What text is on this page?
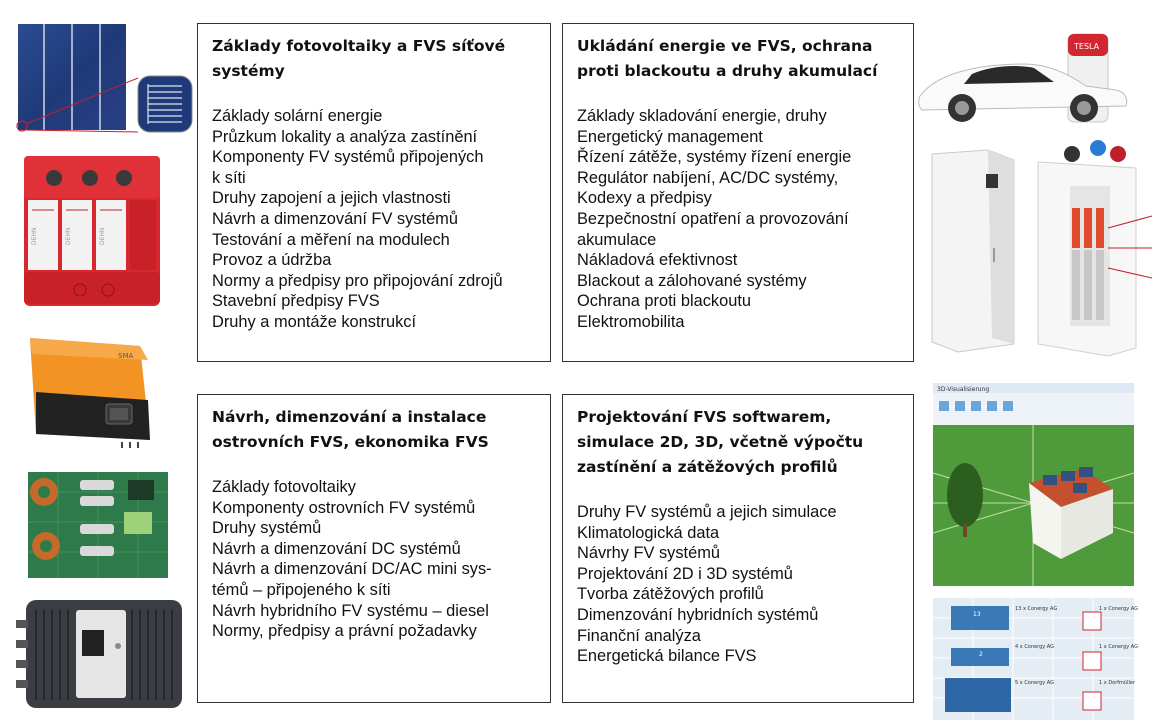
Základy fotovoltaiky a FVS síťové systémy
Základy solární energie
Průzkum lokality a analýza zastínění
Komponenty FV systémů připojených
k síti
Druhy zapojení a jejich vlastnosti
Návrh a dimenzování FV systémů
Testování a měření na modulech
Provoz a údržba
Normy a předpisy pro připojování zdrojů
Stavební předpisy FVS
Druhy a montáže konstrukcí
Ukládání energie ve FVS, ochrana proti blackoutu a druhy akumulací
Základy skladování energie, druhy
Energetický management
Řízení zátěže, systémy řízení energie
Regulátor nabíjení, AC/DC systémy,
Kodexy a předpisy
Bezpečnostní opatření a provozování
akumulace
Nákladová efektivnost
Blackout a zálohované systémy
Ochrana proti blackoutu
Elektromobilita
Návrh, dimenzování a instalace ostrovních FVS, ekonomika FVS
Základy fotovoltaiky
Komponenty ostrovních FV systémů
Druhy systémů
Návrh a dimenzování DC systémů
Návrh a dimenzování DC/AC mini sys-
témů – připojeného k síti
Návrh hybridního FV systému – diesel
Normy, předpisy a právní požadavky
Projektování FVS softwarem, simulace 2D, 3D, včetně výpočtu zastínění a zátěžových profilů
Druhy FV systémů a jejich simulace
Klimatologická data
Návrhy FV systémů
Projektování 2D i 3D systémů
Tvorba zátěžových profilů
Dimenzování hybridních systémů
Finanční analýza
Energetická bilance FVS
DEHN	DEHN	DEHN
SMA
TESLA
3D-Visualisierung
13
13 x Conergy AG	1 x Conergy AG
2
4 x Conergy AG	1 x Conergy AG
5 x Conergy AG	1 x Dorfmüller
